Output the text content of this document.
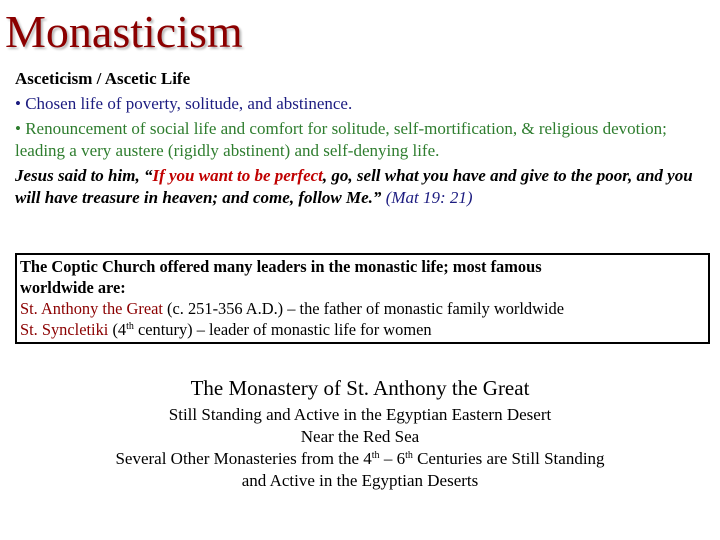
Monasticism

Asceticism / Ascetic Life

• Chosen life of poverty, solitude, and abstinence.

• Renouncement of social life and comfort for solitude, self-mortification, & religious devotion; leading a very austere (rigidly abstinent) and self-denying life.

Jesus said to him, “If you want to be perfect, go, sell what you have and give to the poor, and you will have treasure in heaven; and come, follow Me.” (Mat 19: 21)

The Coptic Church offered many leaders in the monastic life; most famous
worldwide are:
St. Anthony the Great (c. 251-356 A.D.) – the father of monastic family worldwide
St. Syncletiki (4th century) – leader of monastic life for women
The Monastery of St. Anthony the Great
Still Standing and Active in the Egyptian Eastern Desert
Near the Red Sea
Several Other Monasteries from the 4th – 6th Centuries are Still Standing
and Active in the Egyptian Deserts
